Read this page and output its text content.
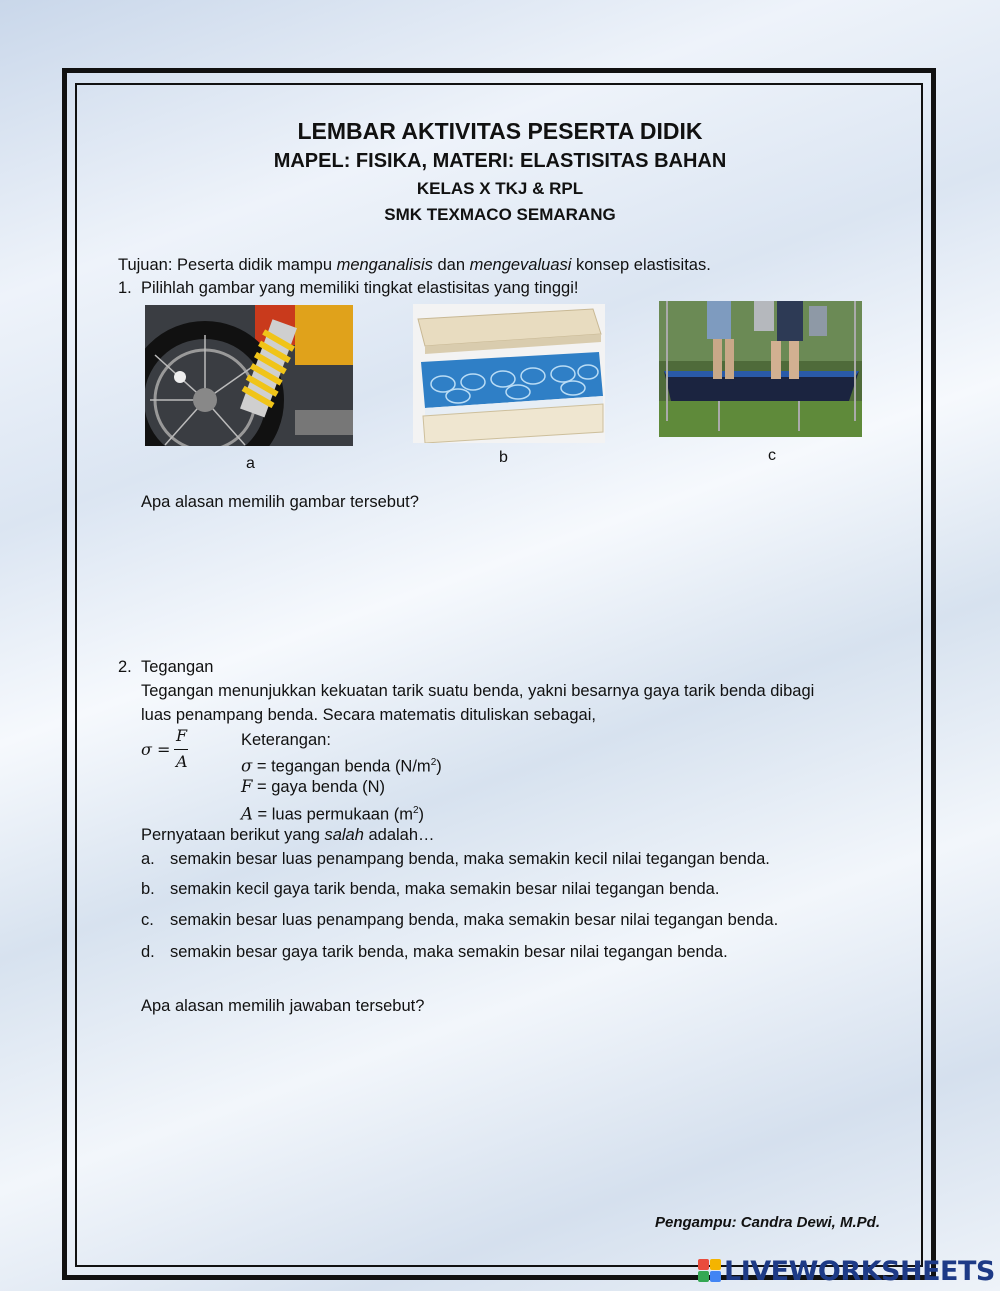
LEMBAR AKTIVITAS PESERTA DIDIK
MAPEL: FISIKA, MATERI: ELASTISITAS BAHAN
KELAS X TKJ & RPL
SMK TEXMACO SEMARANG
Tujuan: Peserta didik mampu menganalisis dan mengevaluasi konsep elastisitas.
1. Pilihlah gambar yang memiliki tingkat elastisitas yang tinggi!
a	b	c
Apa alasan memilih gambar tersebut?
2. Tegangan
Tegangan menunjukkan kekuatan tarik suatu benda, yakni besarnya gaya tarik benda dibagi
luas penampang benda. Secara matematis dituliskan sebagai,
σ =
F
A
Keterangan:
σ = tegangan benda $(N/m^2)$
F = gaya benda (N)
A = luas permukaan $(m^2)$
Pernyataan berikut yang salah adalah…
a. semakin besar luas penampang benda, maka semakin kecil nilai tegangan benda.
b. semakin kecil gaya tarik benda, maka semakin besar nilai tegangan benda.
c. semakin besar luas penampang benda, maka semakin besar nilai tegangan benda.
d. semakin besar gaya tarik benda, maka semakin besar nilai tegangan benda.
Apa alasan memilih jawaban tersebut?
Pengampu: Candra Dewi, M.Pd.
LIVEWORKSHEETS
